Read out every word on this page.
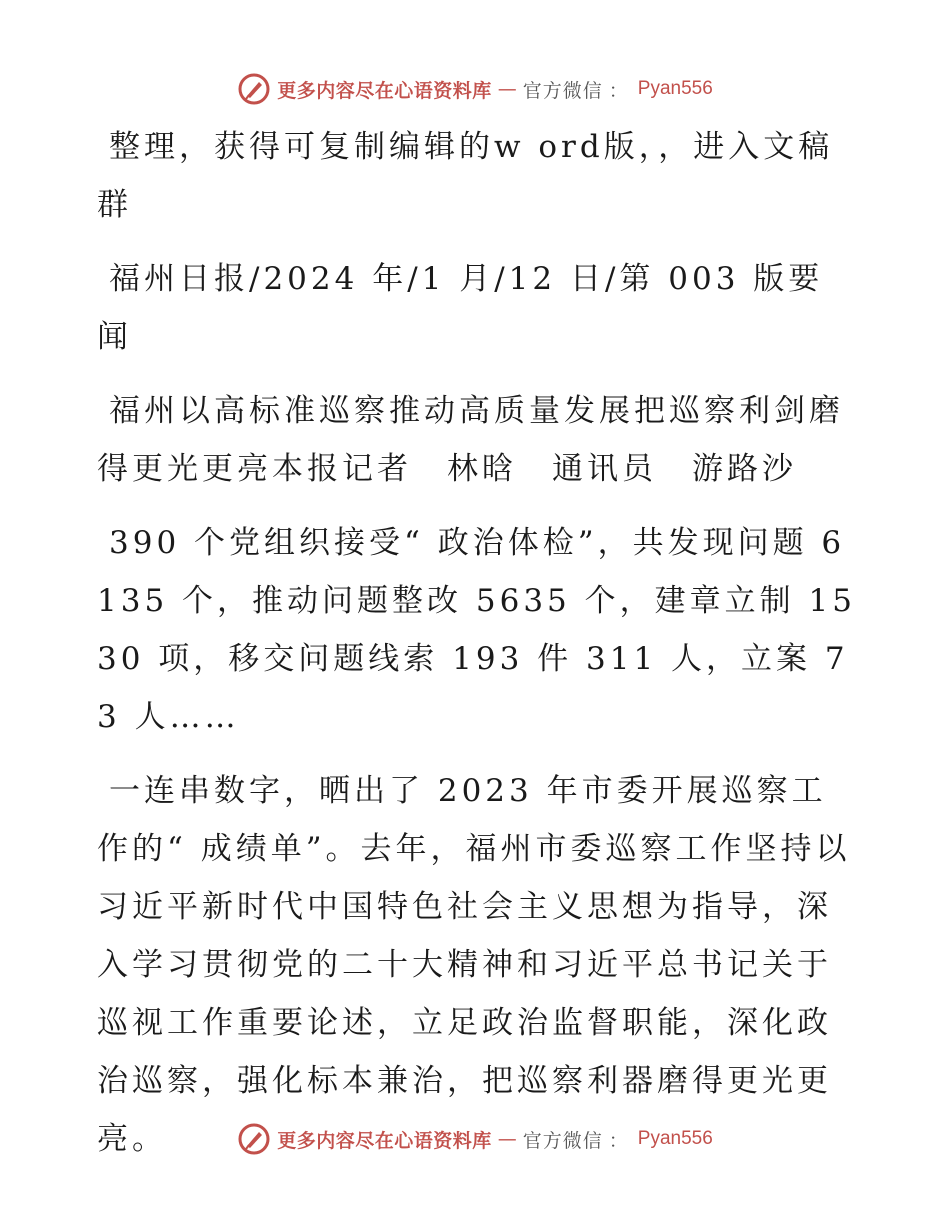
更多内容尽在心语资料库 — 官方微信 ： Pyan556

整理，获得可复制编辑的w ord版，，进入文稿群

福州日报/2024 年/1 月/12 日/第 003 版要闻

福州以高标准巡察推动高质量发展把巡察利剑磨得更光更亮本报记者　林晗　通讯员　游路沙

390 个党组织接受“ 政治体检”，共发现问题 6135 个，推动问题整改 5635 个，建章立制 1530 项，移交问题线索 193 件 311 人，立案 73 人……

一连串数字，晒出了 2023 年市委开展巡察工作的“ 成绩单”。去年，福州市委巡察工作坚持以习近平新时代中国特色社会主义思想为指导，深入学习贯彻党的二十大精神和习近平总书记关于巡视工作重要论述，立足政治监督职能，深化政治巡察，强化标本兼治，把巡察利器磨得更光更亮。	更多内容尽在心语资料库 — 官方微信 ： Pyan556
